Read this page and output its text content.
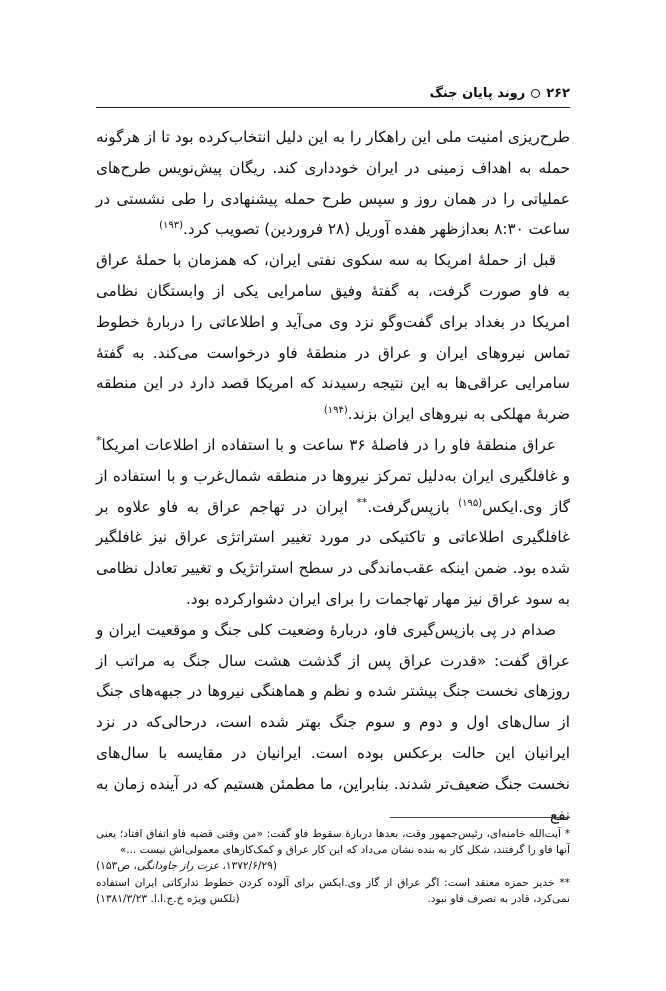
۲۶۲
روند پایان جنگ

طرح‌ریزی امنیت ملی این راهکار را به این دلیل انتخاب‌کرده بود تا از هرگونه حمله به اهداف زمینی در ایران خودداری کند. ریگان پیش‌نویس طرح‌های عملیاتی را در همان روز و سپس طرح حمله پیشنهادی را طی نشستی در ساعت ۸:۳۰ بعدازظهر هفده آوریل (۲۸ فروردین) تصویب کرد.$^{(۱۹۳)}$

قبل از حملهٔ امریکا به سه سکوی نفتی ایران، که همزمان با حملهٔ عراق به فاو صورت گرفت، به گفتهٔ وفیق سامرایی یکی از وابستگان نظامی امریکا در بغداد برای گفت‌وگو نزد وی می‌آید و اطلاعاتی را دربارهٔ خطوط تماس نیروهای ایران و عراق در منطقهٔ فاو درخواست می‌کند. به گفتهٔ سامرایی عراقی‌ها به این نتیجه رسیدند که امریکا قصد دارد در این منطقه ضربهٔ مهلکی به نیروهای ایران بزند.$^{(۱۹۴)}$

عراق منطقهٔ فاو را در فاصلهٔ ۳۶ ساعت و با استفاده از اطلاعات امریکا* و غافلگیری ایران به‌دلیل تمرکز نیروها در منطقه شمال‌غرب و با استفاده از گاز وی.ایکس$^{(۱۹۵)}$ بازپس‌گرفت.** ایران در تهاجم عراق به فاو علاوه بر غافلگیری اطلاعاتی و تاکتیکی در مورد تغییر استراتژی عراق نیز غافلگیر شده بود. ضمن اینکه عقب‌ماندگی در سطح استراتژیک و تغییر تعادل نظامی به سود عراق نیز مهار تهاجمات را برای ایران دشوارکرده بود.

صدام در پی بازپس‌گیری فاو، دربارهٔ وضعیت کلی جنگ و موقعیت ایران و عراق گفت: «قدرت عراق پس از گذشت هشت سال جنگ به مراتب از روزهای نخست جنگ بیشتر شده و نظم و هماهنگی نیروها در جبهه‌های جنگ از سال‌های اول و دوم و سوم جنگ بهتر شده است، درحالی‌که در نزد ایرانیان این حالت برعکس بوده است. ایرانیان در مقایسه با سال‌های نخست جنگ ضعیف‌تر شدند. بنابراین، ما مطمئن هستیم که در آینده زمان به نفع

* آیت‌الله خامنه‌ای، رئیس‌جمهور وقت، بعدها دربارهٔ سقوط فاو گفت: «من وقتی قضیه فاو اتفاق افتاد؛ یعنی آنها فاو را گرفتند، شکل کار به بنده نشان می‌داد که این کار عراق و کمک‌کارهای معمولی‌اش نیست ...»
(۱۳۷۲/۶/۲۹، عزت راز جاودانگی، ص۱۵۳)

** خدیر حمزه معتقد است: اگر عراق از گاز وی.ایکس برای آلوده کردن خطوط تدارکاتی ایران استفاده نمی‌کرد، قادر به تصرف فاو نبود.
(تلکس ویژه خ.ج.ا.ا. ۱۳۸۱/۳/۲۳)
